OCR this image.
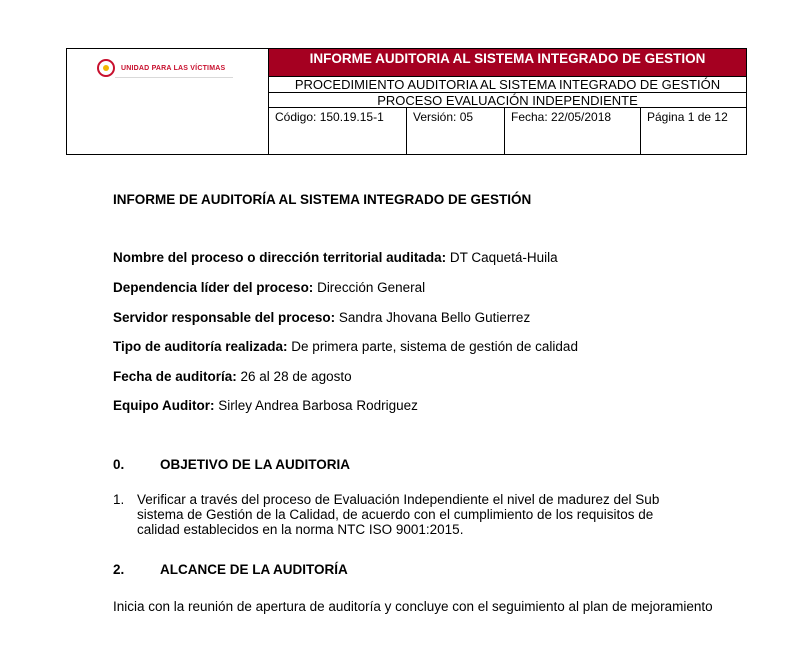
UNIDAD PARA LAS VÍCTIMAS
INFORME AUDITORIA AL SISTEMA INTEGRADO DE GESTION
PROCEDIMIENTO AUDITORIA AL SISTEMA INTEGRADO DE GESTIÓN
PROCESO EVALUACIÓN INDEPENDIENTE
Código: 150.19.15-1	Versión: 05	Fecha: 22/05/2018	Página 1 de 12
INFORME DE AUDITORÍA AL SISTEMA INTEGRADO DE GESTIÓN
Nombre del proceso o dirección territorial auditada: DT Caquetá-Huila
Dependencia líder del proceso: Dirección General
Servidor responsable del proceso: Sandra Jhovana Bello Gutierrez
Tipo de auditoría realizada: De primera parte, sistema de gestión de calidad
Fecha de auditoría: 26 al 28 de agosto
Equipo Auditor: Sirley Andrea Barbosa Rodriguez
0.	OBJETIVO DE LA AUDITORIA
1. Verificar a través del proceso de Evaluación Independiente el nivel de madurez del Sub sistema de Gestión de la Calidad, de acuerdo con el cumplimiento de los requisitos de calidad establecidos en la norma NTC ISO 9001:2015.
2.	ALCANCE DE LA AUDITORÍA
Inicia con la reunión de apertura de auditoría y concluye con el seguimiento al plan de mejoramiento
